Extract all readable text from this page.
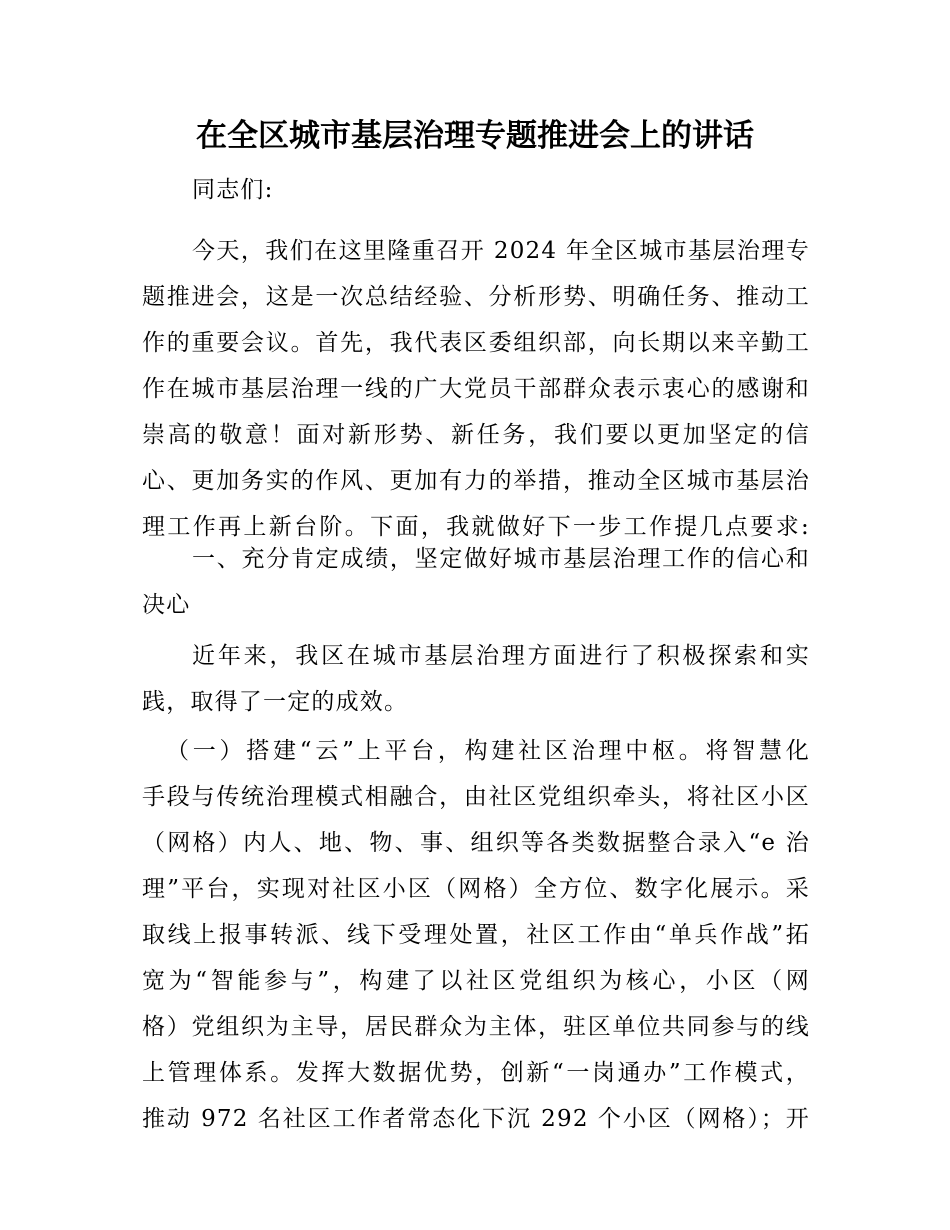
在全区城市基层治理专题推进会上的讲话
同志们:
今天，我们在这里隆重召开 2024 年全区城市基层治理专
题推进会，这是一次总结经验、分析形势、明确任务、推动工
作的重要会议。首先，我代表区委组织部，向长期以来辛勤工
作在城市基层治理一线的广大党员干部群众表示衷心的感谢和
崇高的敬意！面对新形势、新任务，我们要以更加坚定的信
心、更加务实的作风、更加有力的举措，推动全区城市基层治
理工作再上新台阶。下面，我就做好下一步工作提几点要求:
一、充分肯定成绩，坚定做好城市基层治理工作的信心和
决心
近年来，我区在城市基层治理方面进行了积极探索和实
践，取得了一定的成效。
（一）搭建“云”上平台，构建社区治理中枢。将智慧化
手段与传统治理模式相融合，由社区党组织牵头，将社区小区
（网格）内人、地、物、事、组织等各类数据整合录入“e 治
理”平台，实现对社区小区（网格）全方位、数字化展示。采
取线上报事转派、线下受理处置，社区工作由“单兵作战”拓
宽为“智能参与”，构建了以社区党组织为核心，小区（网
格）党组织为主导，居民群众为主体，驻区单位共同参与的线
上管理体系。发挥大数据优势，创新“一岗通办”工作模式，
推动 972 名社区工作者常态化下沉 292 个小区（网格）；开
